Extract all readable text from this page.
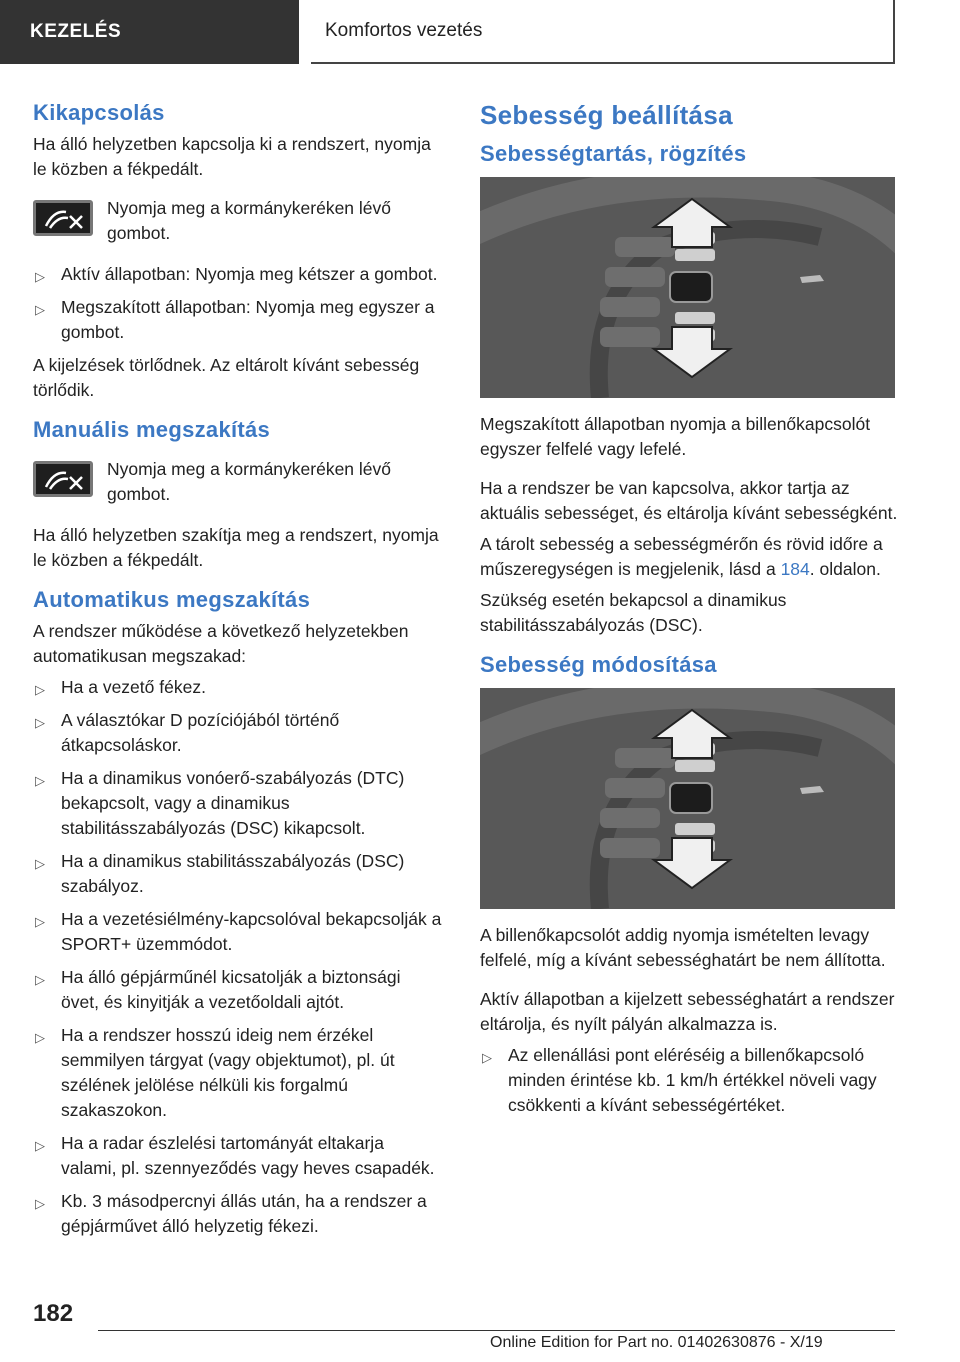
KEZELÉS	Komfortos vezetés
Kikapcsolás

Ha álló helyzetben kapcsolja ki a rendszert, nyomja le közben a fékpedált.

Nyomja meg a kormánykeréken lévő gombot.
▷ Aktív állapotban: Nyomja meg kétszer a gombot.
▷ Megszakított állapotban: Nyomja meg egyszer a gombot.

A kijelzések törlődnek. Az eltárolt kívánt sebesség törlődik.

Manuális megszakítás
Nyomja meg a kormánykeréken lévő gombot.

Ha álló helyzetben szakítja meg a rendszert, nyomja le közben a fékpedált.

Automatikus megszakítás

A rendszer működése a következő helyzetekben automatikusan megszakad:

▷ Ha a vezető fékez.
▷ A választókar D pozíciójából történő átkapcsoláskor.
▷ Ha a dinamikus vonóerő-szabályozás (DTC) bekapcsolt, vagy a dinamikus stabilitásszabályozás (DSC) kikapcsolt.
▷ Ha a dinamikus stabilitásszabályozás (DSC) szabályoz.
▷ Ha a vezetésiélmény-kapcsolóval bekapcsolják a SPORT+ üzemmódot.
▷ Ha álló gépjárműnél kicsatolják a biztonsági övet, és kinyitják a vezetőoldali ajtót.
▷ Ha a rendszer hosszú ideig nem érzékel semmilyen tárgyat (vagy objektumot), pl. út szélének jelölése nélküli kis forgalmú szakaszokon.
▷ Ha a radar észlelési tartományát eltakarja valami, pl. szennyeződés vagy heves csapadék.
▷ Kb. 3 másodpercnyi állás után, ha a rendszer a gépjárművet álló helyzetig fékezi.
Sebesség beállítása
Sebességtartás, rögzítés

Megszakított állapotban nyomja a billenőkapcsolót egyszer felfelé vagy lefelé.

Ha a rendszer be van kapcsolva, akkor tartja az aktuális sebességet, és eltárolja kívánt sebességként.

A tárolt sebesség a sebességmérőn és rövid időre a műszeregységen is megjelenik, lásd a 184. oldalon.

Szükség esetén bekapcsol a dinamikus stabilitásszabályozás (DSC).

Sebesség módosítása

A billenőkapcsolót addig nyomja ismételten levagy felfelé, míg a kívánt sebességhatárt be nem állította.

Aktív állapotban a kijelzett sebességhatárt a rendszer eltárolja, és nyílt pályán alkalmazza is.

▷ Az ellenállási pont eléréséig a billenőkapcsoló minden érintése kb. 1 km/h értékkel növeli vagy csökkenti a kívánt sebességértéket.
182
Online Edition for Part no. 01402630876 - X/19
